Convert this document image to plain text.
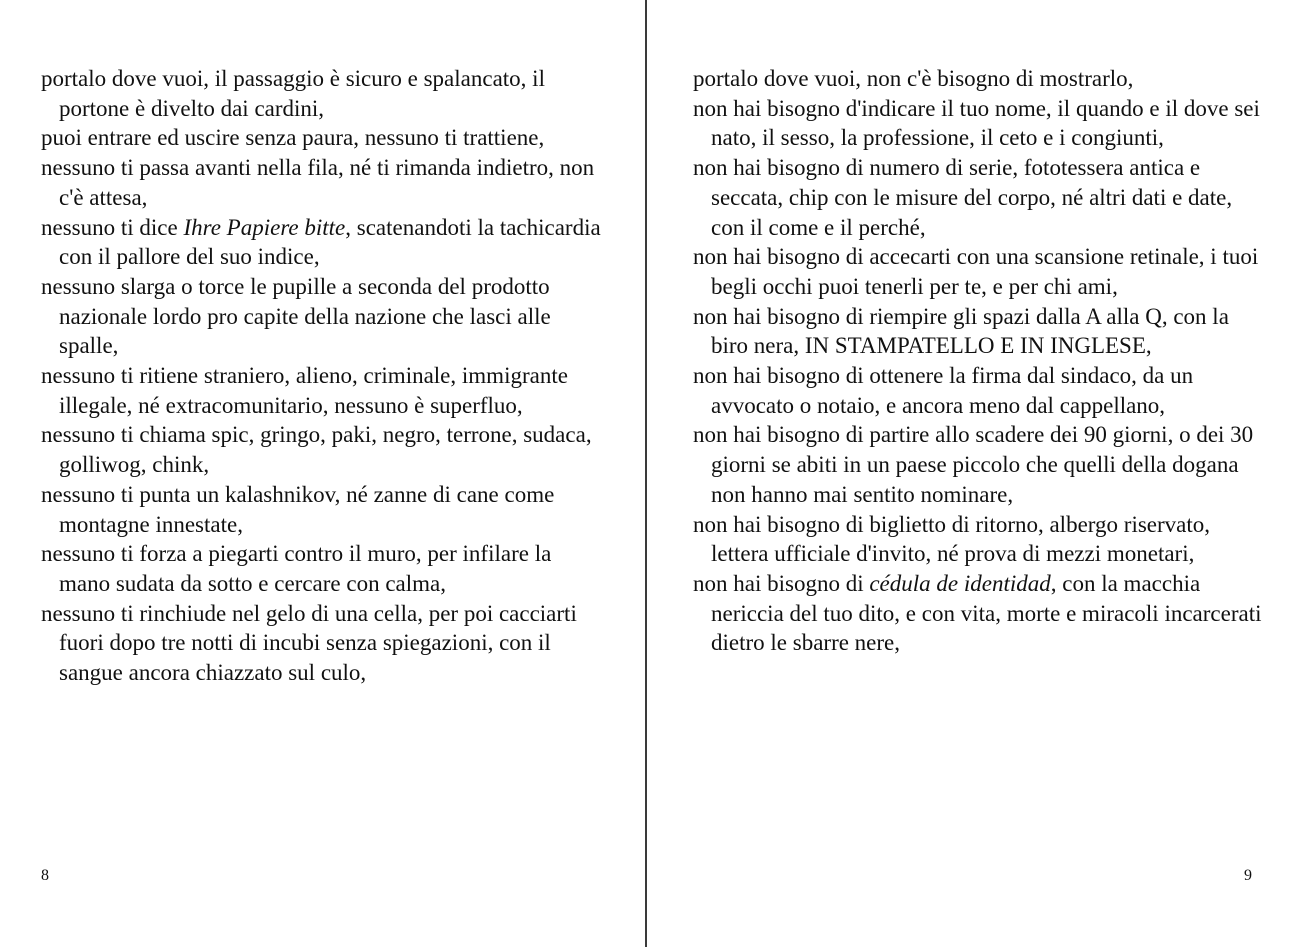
portalo dove vuoi, il passaggio è sicuro e spalancato, il portone è divelto dai cardini,

puoi entrare ed uscire senza paura, nessuno ti trattiene,

nessuno ti passa avanti nella fila, né ti rimanda indietro, non c'è attesa,

nessuno ti dice Ihre Papiere bitte, scatenandoti la tachicardia con il pallore del suo indice,

nessuno slarga o torce le pupille a seconda del prodotto nazionale lordo pro capite della nazione che lasci alle spalle,

nessuno ti ritiene straniero, alieno, criminale, immigrante illegale, né extracomunitario, nessuno è superfluo,

nessuno ti chiama spic, gringo, paki, negro, terrone, sudaca, golliwog, chink,

nessuno ti punta un kalashnikov, né zanne di cane come montagne innestate,

nessuno ti forza a piegarti contro il muro, per infilare la mano sudata da sotto e cercare con calma,

nessuno ti rinchiude nel gelo di una cella, per poi cacciarti fuori dopo tre notti di incubi senza spiegazioni, con il sangue ancora chiazzato sul culo,

8

portalo dove vuoi, non c'è bisogno di mostrarlo,

non hai bisogno d'indicare il tuo nome, il quando e il dove sei nato, il sesso, la professione, il ceto e i congiunti,

non hai bisogno di numero di serie, fototessera antica e seccata, chip con le misure del corpo, né altri dati e date, con il come e il perché,

non hai bisogno di accecarti con una scansione retinale, i tuoi begli occhi puoi tenerli per te, e per chi ami,

non hai bisogno di riempire gli spazi dalla A alla Q, con la biro nera, IN STAMPATELLO E IN INGLESE,

non hai bisogno di ottenere la firma dal sindaco, da un avvocato o notaio, e ancora meno dal cappellano,

non hai bisogno di partire allo scadere dei 90 giorni, o dei 30 giorni se abiti in un paese piccolo che quelli della dogana non hanno mai sentito nominare,

non hai bisogno di biglietto di ritorno, albergo riservato, lettera ufficiale d'invito, né prova di mezzi monetari,

non hai bisogno di cédula de identidad, con la macchia nericcia del tuo dito, e con vita, morte e miracoli incarcerati dietro le sbarre nere,

9
